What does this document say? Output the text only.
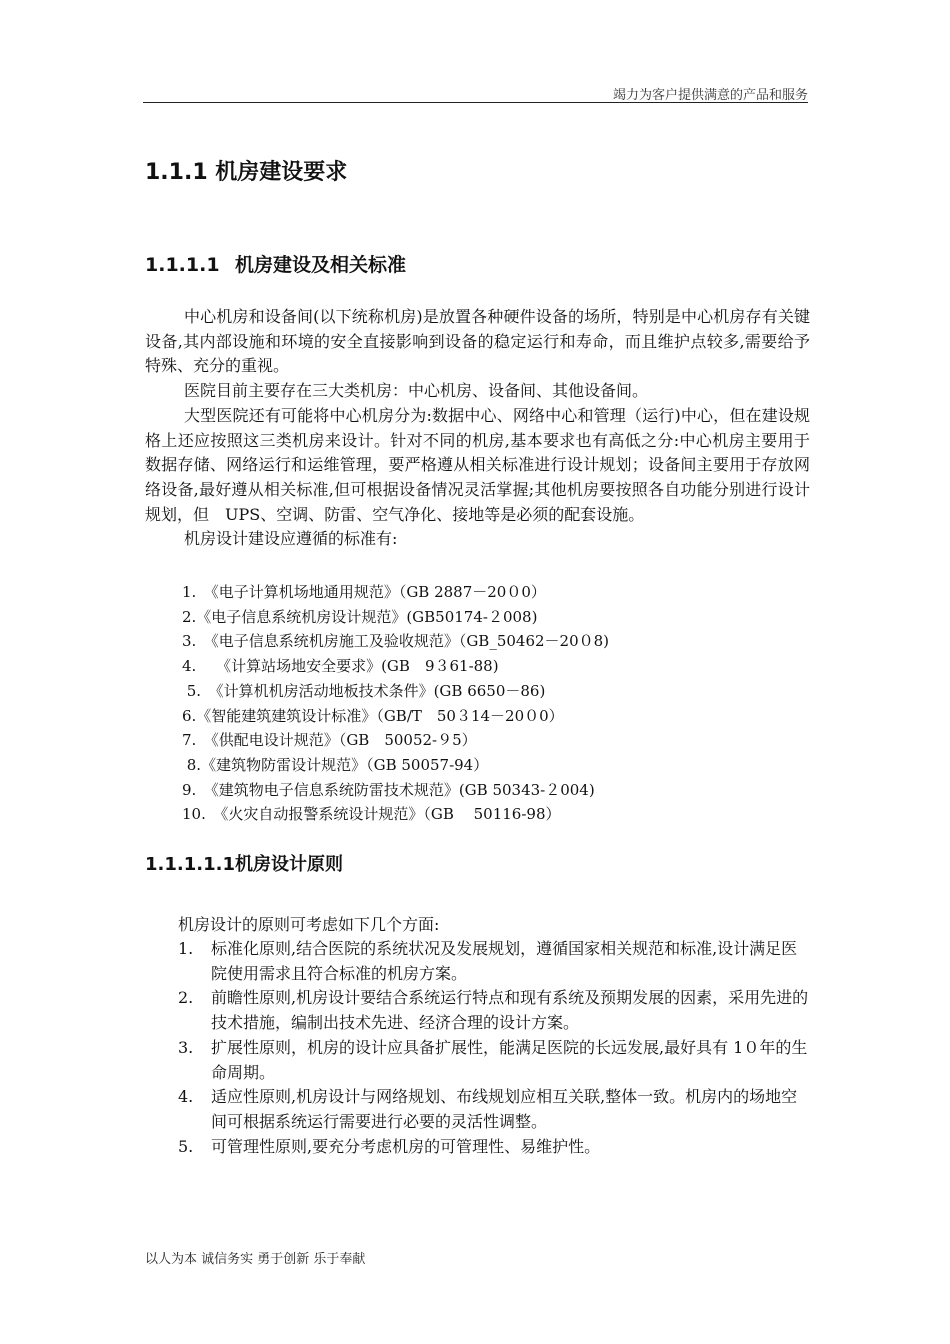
竭力为客户提供满意的产品和服务
1.1.1 机房建设要求
1.1.1.1 机房建设及相关标准

中心机房和设备间(以下统称机房)是放置各种硬件设备的场所，特别是中心机房存有关键设备,其内部设施和环境的安全直接影响到设备的稳定运行和寿命，而且维护点较多,需要给予特殊、充分的重视。

医院目前主要存在三大类机房：中心机房、设备间、其他设备间。

大型医院还有可能将中心机房分为:数据中心、网络中心和管理（运行)中心，但在建设规格上还应按照这三类机房来设计。针对不同的机房,基本要求也有高低之分:中心机房主要用于数据存储、网络运行和运维管理，要严格遵从相关标准进行设计规划；设备间主要用于存放网络设备,最好遵从相关标准,但可根据设备情况灵活掌握;其他机房要按照各自功能分别进行设计规划，但　UPS、空调、防雷、空气净化、接地等是必须的配套设施。

机房设计建设应遵循的标准有:

1.　《电子计算机场地通用规范》（GB 2887－20０0）
2.《电子信息系统机房设计规范》(GB50174-２008)
3.　《电子信息系统机房施工及验收规范》（GB_50462－20０8)
4.　 《计算站场地安全要求》(GB　9３61-88)
5.　《计算机机房活动地板技术条件》(GB 6650－86)
6.《智能建筑建筑设计标准》（GB/T　50３14－20０0）
7.　《供配电设计规范》（GB　50052-９5）
8.《建筑物防雷设计规范》（GB 50057-94）
9.　《建筑物电子信息系统防雷技术规范》(GB 50343-２004)
10.　《火灾自动报警系统设计规范》（GB　 50116-98）
1.1.1.1.1机房设计原则
机房设计的原则可考虑如下几个方面:
1. 标准化原则,结合医院的系统状况及发展规划，遵循国家相关规范和标准,设计满足医院使用需求且符合标准的机房方案。
2. 前瞻性原则,机房设计要结合系统运行特点和现有系统及预期发展的因素，采用先进的技术措施，编制出技术先进、经济合理的设计方案。
3. 扩展性原则，机房的设计应具备扩展性，能满足医院的长远发展,最好具有 1０年的生命周期。
4. 适应性原则,机房设计与网络规划、布线规划应相互关联,整体一致。机房内的场地空间可根据系统运行需要进行必要的灵活性调整。
5. 可管理性原则,要充分考虑机房的可管理性、易维护性。
以人为本 诚信务实 勇于创新 乐于奉献
